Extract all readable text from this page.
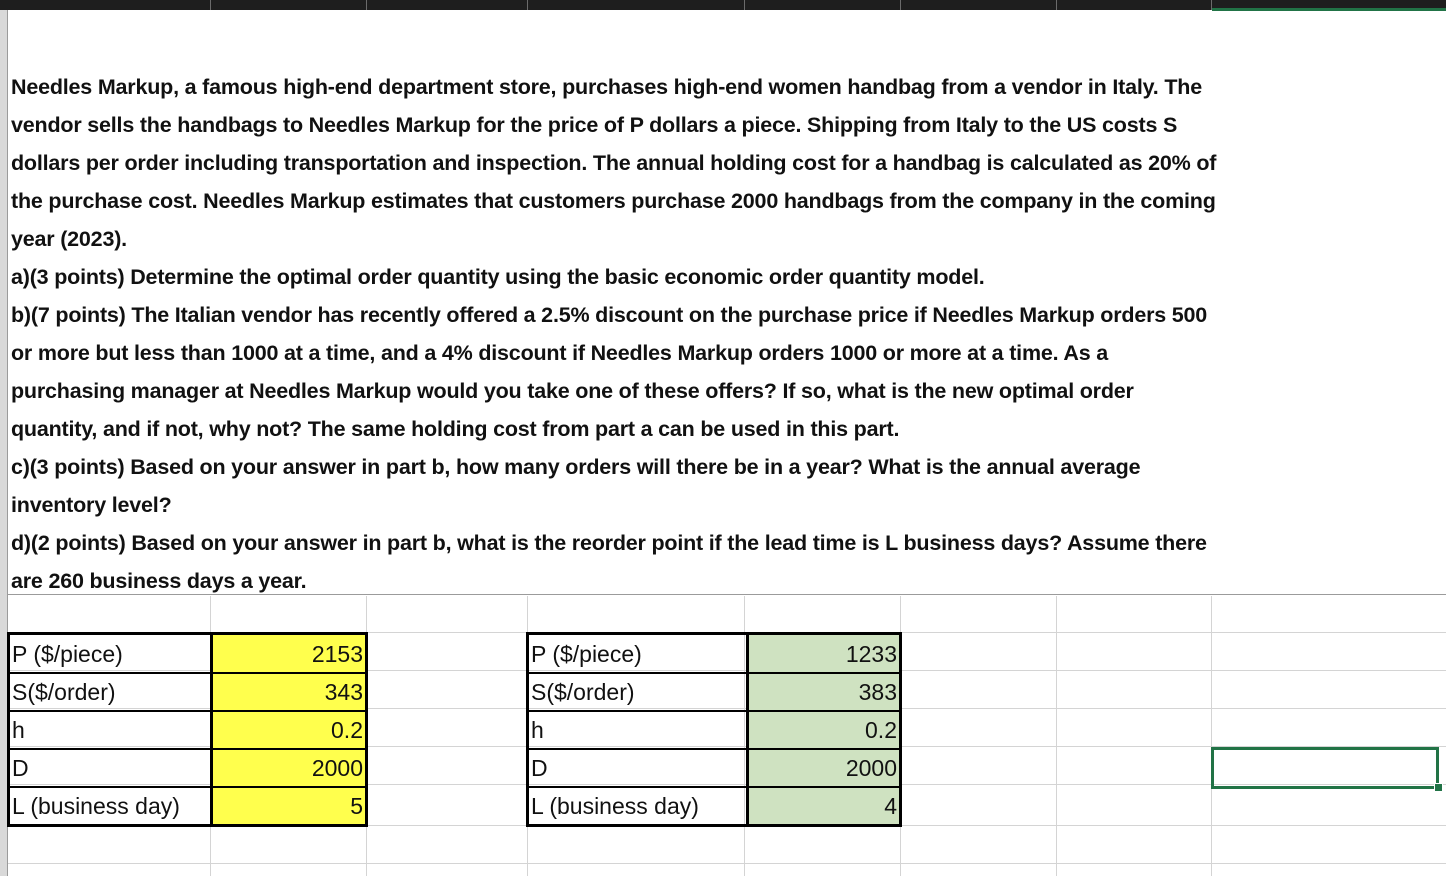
Needles Markup, a famous high-end department store, purchases high-end women handbag from a vendor in Italy. The
vendor sells the handbags to Needles Markup for the price of P dollars a piece. Shipping from Italy to the US costs S
dollars per order including transportation and inspection. The annual holding cost for a handbag is calculated as 20% of
the purchase cost. Needles Markup estimates that customers purchase 2000 handbags from the company in the coming
year (2023).
a)(3 points) Determine the optimal order quantity using the basic economic order quantity model.
b)(7 points) The Italian vendor has recently offered a 2.5% discount on the purchase price if Needles Markup orders 500
or more but less than 1000 at a time, and a 4% discount if Needles Markup orders 1000 or more at a time. As a
purchasing manager at Needles Markup would you take one of these offers? If so, what is the new optimal order
quantity, and if not, why not? The same holding cost from part a can be used in this part.
c)(3 points) Based on your answer in part b, how many orders will there be in a year? What is the annual average
inventory level?
d)(2 points) Based on your answer in part b, what is the reorder point if the lead time is L business days? Assume there
are 260 business days a year.
P ($/piece)	2153
S($/order)	343
h	0.2
D	2000
L (business day)	5
P ($/piece)	1233
S($/order)	383
h	0.2
D	2000
L (business day)	4
